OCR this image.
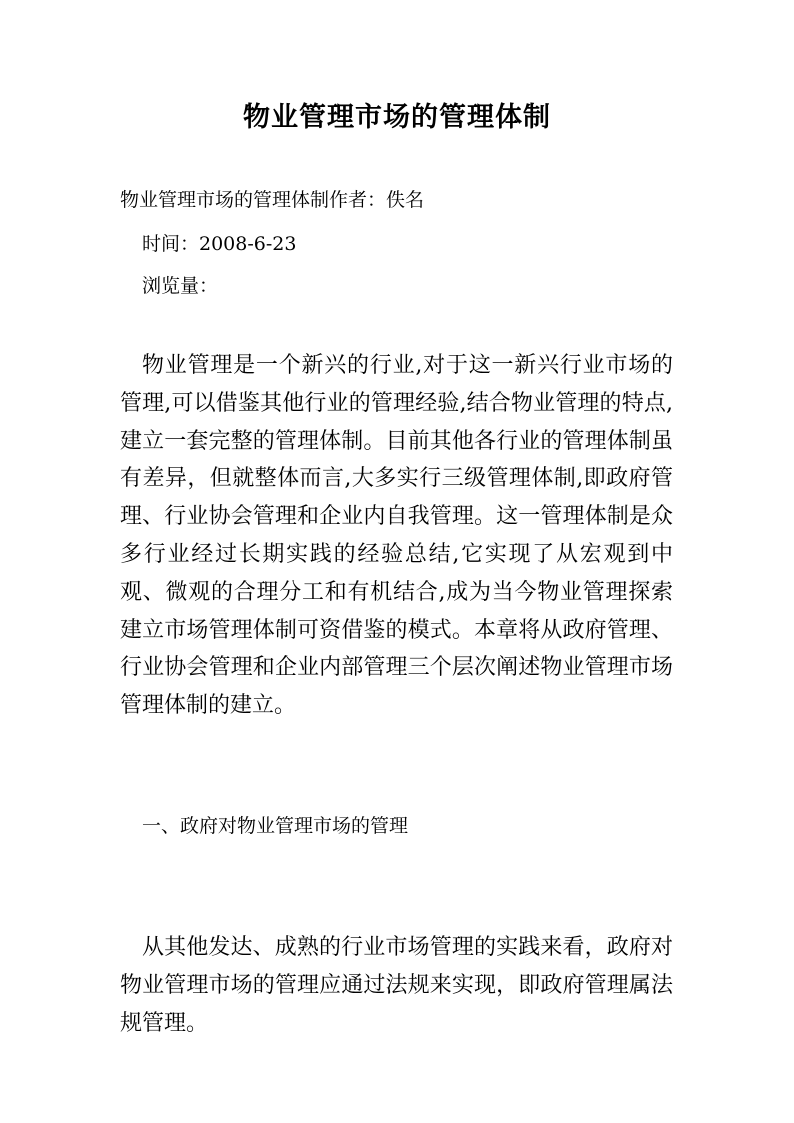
物业管理市场的管理体制
物业管理市场的管理体制作者：佚名
时间：2008-6-23
浏览量：

物业管理是一个新兴的行业,对于这一新兴行业市场的管理,可以借鉴其他行业的管理经验,结合物业管理的特点,建立一套完整的管理体制。目前其他各行业的管理体制虽有差异，但就整体而言,大多实行三级管理体制,即政府管理、行业协会管理和企业内自我管理。这一管理体制是众多行业经过长期实践的经验总结,它实现了从宏观到中观、微观的合理分工和有机结合,成为当今物业管理探索建立市场管理体制可资借鉴的模式。本章将从政府管理、行业协会管理和企业内部管理三个层次阐述物业管理市场管理体制的建立。

一、政府对物业管理市场的管理

从其他发达、成熟的行业市场管理的实践来看，政府对物业管理市场的管理应通过法规来实现，即政府管理属法规管理。
